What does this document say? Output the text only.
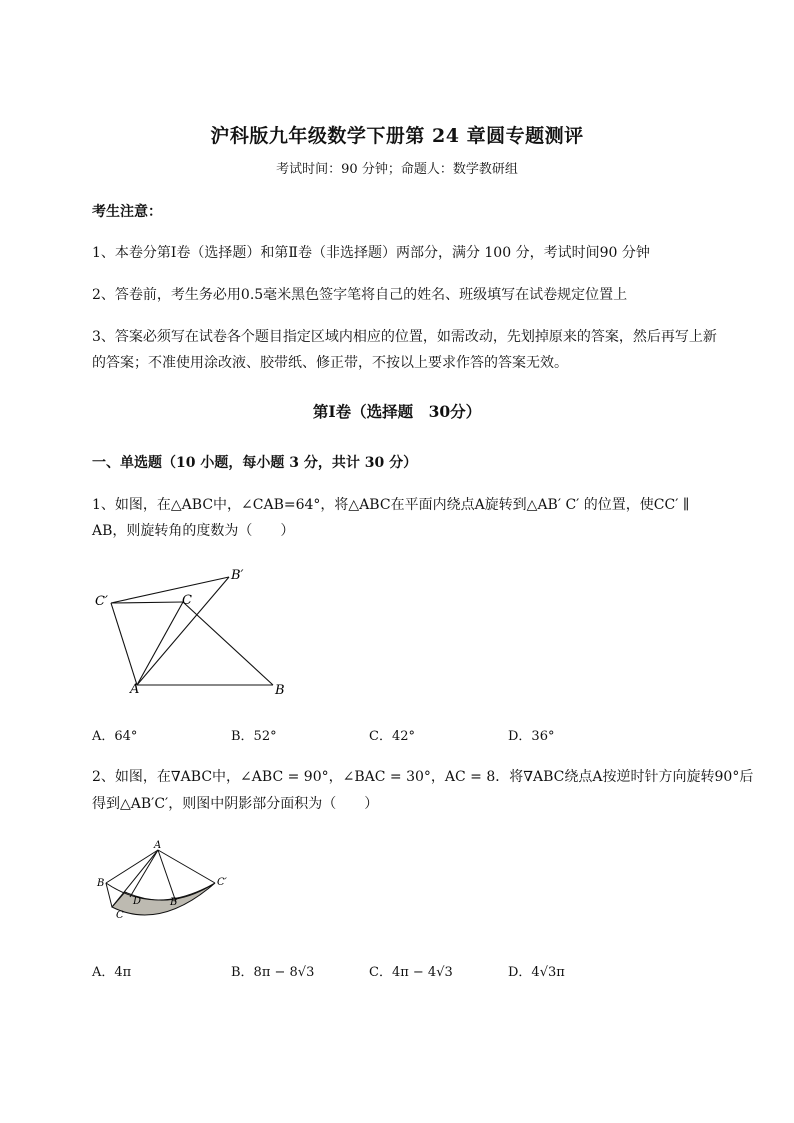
沪科版九年级数学下册第 24 章圆专题测评
考试时间：90 分钟；命题人：数学教研组
考生注意：
1、本卷分第Ⅰ卷（选择题）和第Ⅱ卷（非选择题）两部分，满分 100 分，考试时间90 分钟
2、答卷前，考生务必用0.5毫米黑色签字笔将自己的姓名、班级填写在试卷规定位置上
3、答案必须写在试卷各个题目指定区域内相应的位置，如需改动，先划掉原来的答案，然后再写上新
的答案；不准使用涂改液、胶带纸、修正带，不按以上要求作答的答案无效。
第Ⅰ卷（选择题　30分）
一、单选题（10 小题，每小题 3 分，共计 30 分）
1、如图，在△ABC中，∠CAB=64°，将△ABC在平面内绕点A旋转到△AB′ C′ 的位置，使CC′ ∥
AB，则旋转角的度数为（　　）
A	B
C
B′
C′
A．64°	B．52°	C．42°	D．36°
2、如图，在∇ABC中，∠ABC = 90°，∠BAC = 30°，AC = 8．将∇ABC绕点A按逆时针方向旋转90°后
得到△AB′C′，则图中阴影部分面积为（　　）
A
B
C
D	B′
C′
A．4π	B．8π − 8√3	C．4π − 4√3	D．4√3π
